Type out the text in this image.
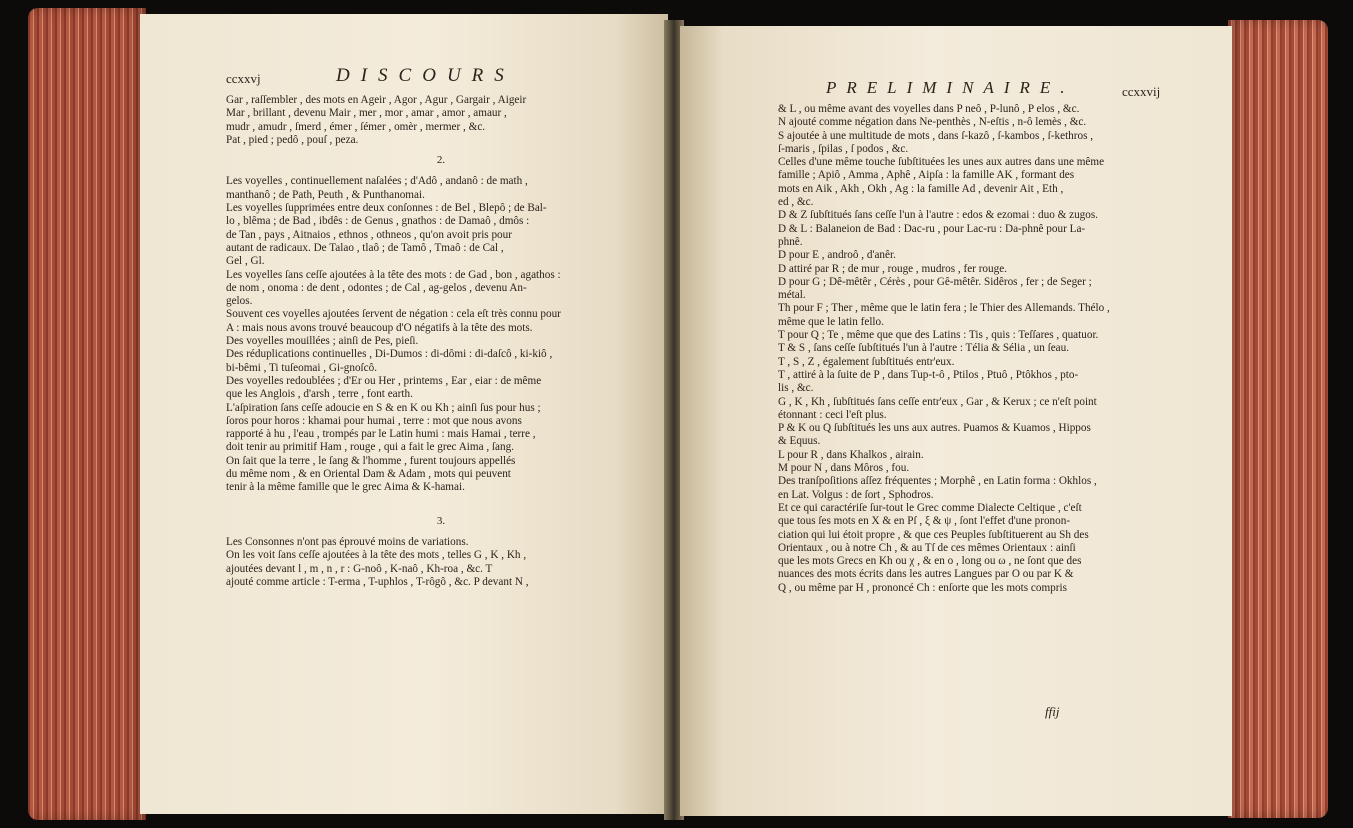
ccxxvj	DISCOURS

Gar , raſſembler , des mots en Ageir , Agor , Agur , Gargair , Aigeir

Mar , brillant , devenu Mair , mer , mor , amar , amor , amaur ,

mudr , amudr , ſmerd , émer , ſémer , omèr , mermer , &c.

Pat , pied ; pedô , pouſ , peza.

2.

Les voyelles , continuellement naſalées ; d'Adô , andanô : de math ,

manthanô ; de Path, Peuth , & Punthanomai.

Les voyelles ſupprimées entre deux conſonnes : de Bel , Blepô ; de Bal-

lo , blêma ; de Bad , ibdês : de Genus , gnathos : de Damaô , dmôs :

de Tan , pays , Aitnaios , ethnos , othneos , qu'on avoit pris pour

autant de radicaux. De Talao , tlaô ; de Tamô , Tmaô : de Cal ,

Gel , Gl.

Les voyelles ſans ceſſe ajoutées à la tête des mots : de Gad , bon , agathos :

de nom , onoma : de dent , odontes ; de Cal , ag-gelos , devenu An-

gelos.

Souvent ces voyelles ajoutées ſervent de négation : cela eſt très connu pour

A : mais nous avons trouvé beaucoup d'O négatifs à la tête des mots.

Des voyelles mouillées ; ainſi de Pes, pieſi.

Des réduplications continuelles , Di-Dumos : di-dômi : di-daſcô , ki-kiô ,

bi-bêmi , Ti tuſeomai , Gi-gnoſcô.

Des voyelles redoublées ; d'Er ou Her , printems , Ear , eiar : de même

que les Anglois , d'arsh , terre , font earth.

L'aſpiration ſans ceſſe adoucie en S & en K ou Kh ; ainſi ſus pour hus ;

ſoros pour horos : khamai pour humai , terre : mot que nous avons

rapporté à hu , l'eau , trompés par le Latin humi : mais Hamai , terre ,

doit tenir au primitif Ham , rouge , qui a fait le grec Aima , ſang.

On ſait que la terre , le ſang & l'homme , furent toujours appellés

du même nom , & en Oriental Dam & Adam , mots qui peuvent

tenir à la même famille que le grec Aima & K-hamai.

3.

Les Consonnes n'ont pas éprouvé moins de variations.

On les voit ſans ceſſe ajoutées à la tête des mots , telles G , K , Kh ,

ajoutées devant l , m , n , r : G-noô , K-naô , Kh-roa , &c. T

ajouté comme article : T-erma , T-uphlos , T-rôgô , &c. P devant N ,

PRELIMINAIRE.	ccxxvij

& L , ou même avant des voyelles dans P neô , P-lunô , P elos , &c.

N ajouté comme négation dans Ne-penthès , N-eſtis , n-ô lemès , &c.

S ajoutée à une multitude de mots , dans ſ-kazô , ſ-kambos , ſ-kethros ,

ſ-maris , ſpilas , ſ podos , &c.

Celles d'une même touche ſubſtituées les unes aux autres dans une même

famille ; Apiô , Amma , Aphê , Aipſa : la famille AK , formant des

mots en Aik , Akh , Okh , Ag : la famille Ad , devenir Ait , Eth ,

ed , &c.

D & Z ſubſtitués ſans ceſſe l'un à l'autre : edos & ezomai : duo & zugos.

D & L : Balaneion de Bad : Dac-ru , pour Lac-ru : Da-phnê pour La-

phnê.

D pour E , androô , d'anêr.

D attiré par R ; de mur , rouge , mudros , fer rouge.

D pour G ; Dê-mêtêr , Cérès , pour Gê-mêtêr. Sidêros , fer ; de Seger ;

métal.

Th pour F ; Ther , même que le latin fera ; le Thier des Allemands. Thélo ,

même que le latin fello.

T pour Q ; Te , même que que des Latins : Tis , quis : Teſſares , quatuor.

T & S , ſans ceſſe ſubſtitués l'un à l'autre : Télia & Sélia , un ſeau.

T , S , Z , également ſubſtitués entr'eux.

T , attiré à la ſuite de P , dans Tup-t-ô , Ptilos , Ptuô , Ptôkhos , pto-

lis , &c.

G , K , Kh , ſubſtitués ſans ceſſe entr'eux , Gar , & Kerux ; ce n'eſt point

étonnant : ceci l'eſt plus.

P & K ou Q ſubſtitués les uns aux autres. Puamos & Kuamos , Hippos

& Equus.

L pour R , dans Khalkos , airain.

M pour N , dans Môros , fou.

Des tranſpoſitions aſſez fréquentes ; Morphê , en Latin forma : Okhlos ,

en Lat. Volgus : de ſort , Sphodros.

Et ce qui caractériſe ſur-tout le Grec comme Dialecte Celtique , c'eſt

que tous ſes mots en X & en Pſ , ξ & ψ , ſont l'effet d'une pronon-

ciation qui lui étoit propre , & que ces Peuples ſubſtituerent au Sh des

Orientaux , ou à notre Ch , & au Tſ de ces mêmes Orientaux : ainſi

que les mots Grecs en Kh ou χ , & en o , long ou ω , ne ſont que des

nuances des mots écrits dans les autres Langues par O ou par K &

Q , ou même par H , prononcé Ch : enſorte que les mots compris

ffij
